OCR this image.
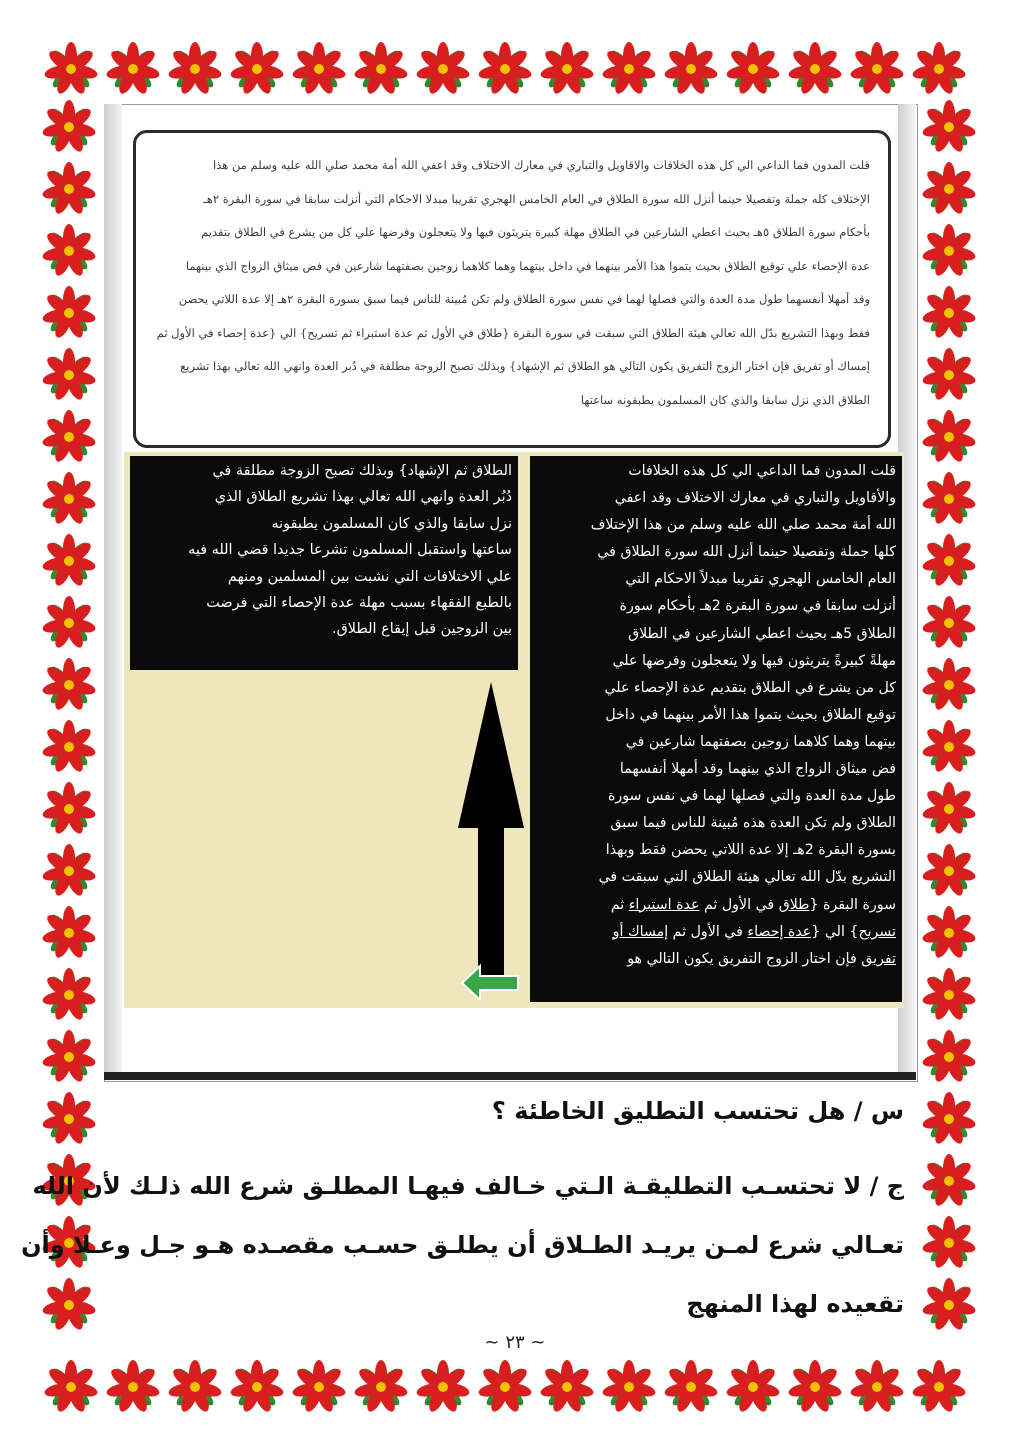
قلت المدون فما الداعي الي كل هذه الخلافات والاقاويل والتباري في معارك الاختلاف وقد اعفي الله أمة محمد صلي الله عليه وسلم من هذا
الإختلاف كله جملة وتفصيلا حينما أنزل الله سورة الطلاق في العام الخامس الهجري تقريبا مبدلا الاحكام التي أنزلت سابقا في سورة البقرة ٢هـ
بأحكام سورة الطلاق ٥هـ بحيث اعطي الشارعين في الطلاق مهلة كبيرة يتريثون فيها ولا يتعجلون وفرضها علي كل من يشرع في الطلاق بتقديم
عدة الإحصاء علي توقيع الطلاق بحيث يتموا هذا الأمر بينهما في داخل بيتهما وهما كلاهما زوجين بصفتهما شارعين في فض ميثاق الزواج الذي بينهما
وقد أمهلا أنفسهما طول مدة العدة والتي فصلها لهما في نفس سورة الطلاق ولم تكن مُبينة للناس فيما سبق بسورة البقرة ٢هـ إلا عدة اللاتي يحضن
فقط وبهذا التشريع بدّل الله تعالي هيئة الطلاق التي سبقت في سورة البقرة {طلاق في الأول ثم عدة استبراء ثم تسريح} الي {عدة إحصاء في الأول ثم
إمساك أو تفريق فإن اختار الزوج التفريق يكون التالي هو الطلاق ثم الإشهاد} وبذلك تصبح الزوجة مطلقة في دُبر العدة وانهي الله تعالي بهذا تشريع
الطلاق الذي نزل سابقا والذي كان المسلمون يطبقونه ساعتها
قلت المدون فما الداعي الي كل هذه الخلافات
والأقاويل والتباري في معارك الاختلاف وقد اعفي
الله أمة محمد صلي الله عليه وسلم من هذا الإختلاف
كلها جملة وتفصيلا حينما أنزل الله سورة الطلاق في
العام الخامس الهجري تقريبا مبدلاً الاحكام التي
أنزلت سابقا في سورة البقرة 2هـ بأحكام سورة
الطلاق 5هـ بحيث اعطي الشارعين في الطلاق
مهلةً كبيرةً يتريثون فيها ولا يتعجلون وفرضها علي
كل من يشرع في الطلاق بتقديم عدة الإحصاء علي
توقيع الطلاق بحيث يتموا هذا الأمر بينهما في داخل
بيتهما وهما كلاهما زوجين بصفتهما شارعين في
فض ميثاق الزواج الذي بينهما وقد أمهلا أنفسهما
طول مدة العدة والتي فصلها لهما في نفس سورة
الطلاق ولم تكن العدة هذه مُبينة للناس فيما سبق
بسورة البقرة 2هـ إلا عدة اللاتي يحضن فقط وبهذا
التشريع بدّل الله تعالي هيئة الطلاق التي سبقت في
سورة البقرة {طلاق في الأول ثم عدة استبراء ثم
تسريح} الي {عدة إحصاء في الأول ثم إمساك أو
تفريق فإن اختار الزوج التفريق يكون التالي هو
الطلاق ثم الإشهاد} وبذلك تصبح الزوجة مطلقة في
دُبُر العدة وانهي الله تعالي بهذا تشريع الطلاق الذي
نزل سابقا والذي كان المسلمون يطبقونه
ساعتها واستقبل المسلمون تشرعا جديدا قضي الله فيه
علي الاختلافات التي نشبت بين المسلمين ومنهم
بالطبع الفقهاء بسبب مهلة عدة الإحصاء التي فرضت
بين الزوجين قبل إيقاع الطلاق.
س / هل تحتسب التطليق الخاطئة ؟
ج / لا تحتسـب التطليقـة الـتي خـالف فيهـا المطلـق شرع الله ذلـك لأن الله
تعـالي شرع لمـن يريـد الطـلاق أن يطلـق حسـب مقصـده هـو جـل وعـلا وأن
تقعيده لهذا المنهج
~ ٢٣ ~
